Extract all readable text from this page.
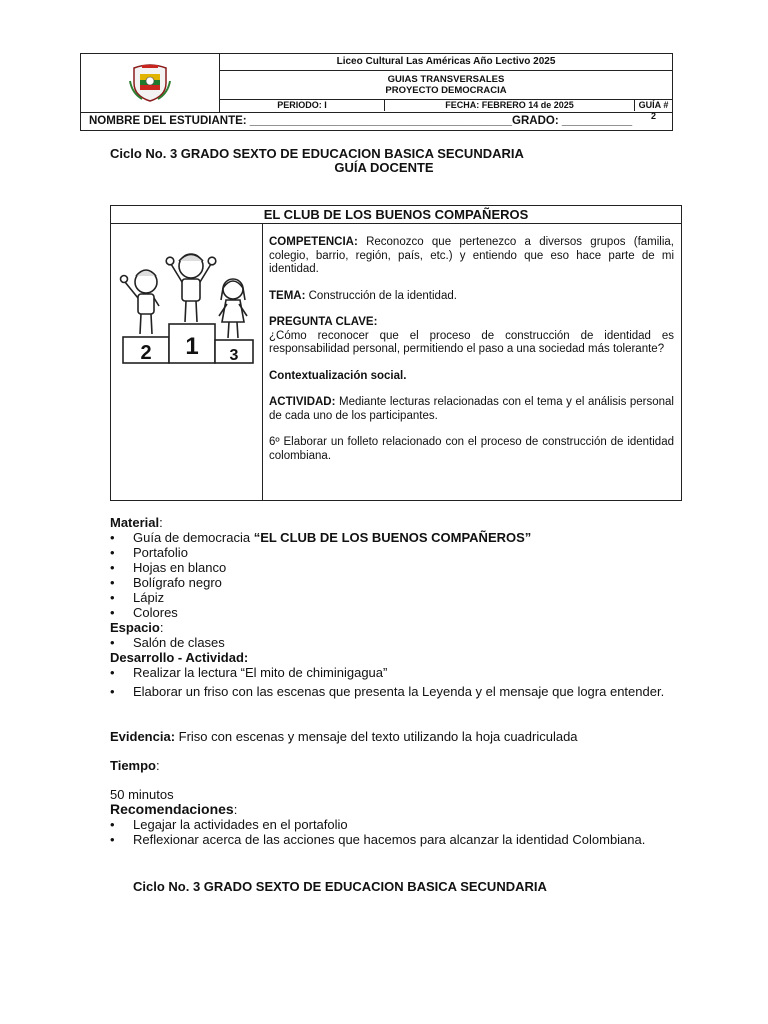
Liceo Cultural Las Américas Año Lectivo 2025
GUIAS TRANSVERSALES
PROYECTO DEMOCRACIA
PERIODO: I	FECHA: FEBRERO 14 de 2025	GUÍA # 2
NOMBRE DEL ESTUDIANTE: _________________________________________GRADO: ___________
Ciclo No. 3 GRADO SEXTO DE EDUCACION BASICA SECUNDARIA
GUÍA DOCENTE
EL CLUB DE LOS BUENOS COMPAÑEROS
2 1 3

COMPETENCIA: Reconozco que pertenezco a diversos grupos (familia, colegio, barrio, región, país, etc.) y entiendo que eso hace parte de mi identidad.

TEMA: Construcción de la identidad.

PREGUNTA CLAVE:
¿Cómo reconocer que el proceso de construcción de identidad es responsabilidad personal, permitiendo el paso a una sociedad más tolerante?

Contextualización social.

ACTIVIDAD: Mediante lecturas relacionadas con el tema y el análisis personal de cada uno de los participantes.

6º Elaborar un folleto relacionado con el proceso de construcción de identidad colombiana.

Material:
• Guía de democracia “EL CLUB DE LOS BUENOS COMPAÑEROS”
• Portafolio
• Hojas en blanco
• Bolígrafo negro
• Lápiz
• Colores
Espacio:
• Salón de clases
Desarrollo - Actividad:
• Realizar la lectura “El mito de chiminigagua”
• Elaborar un friso con las escenas que presenta la Leyenda y el mensaje que logra entender.
Evidencia: Friso con escenas y mensaje del texto utilizando la hoja cuadriculada
Tiempo:
50 minutos
Recomendaciones:
• Legajar la actividades en el portafolio
• Reflexionar acerca de las acciones que hacemos para alcanzar la identidad Colombiana.
Ciclo No. 3 GRADO SEXTO DE EDUCACION BASICA SECUNDARIA
